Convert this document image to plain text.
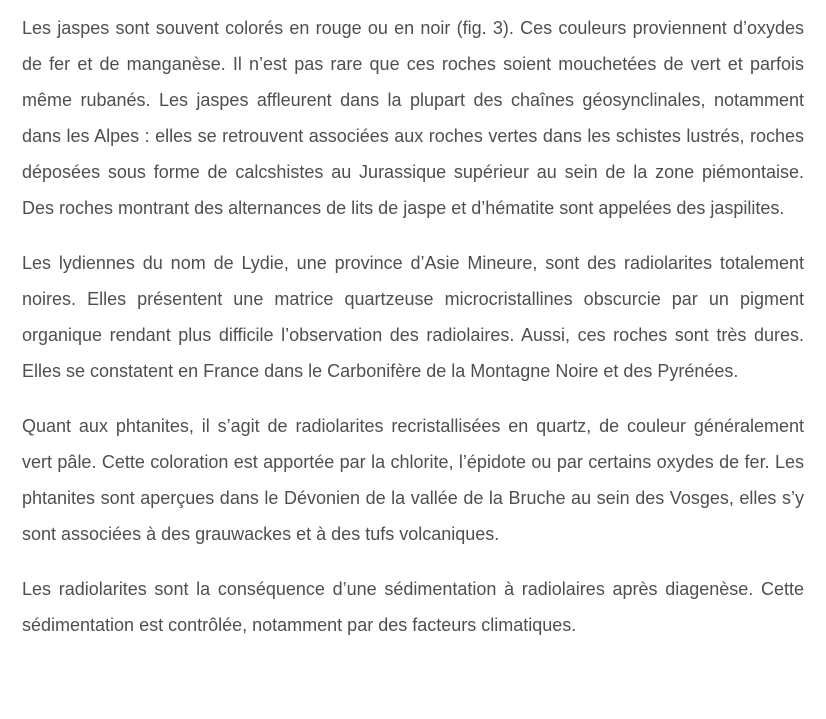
Les jaspes sont souvent colorés en rouge ou en noir (fig. 3). Ces couleurs proviennent d’oxydes de fer et de manganèse. Il n’est pas rare que ces roches soient mouchetées de vert et parfois même rubanés. Les jaspes affleurent dans la plupart des chaînes géosynclinales, notamment dans les Alpes : elles se retrouvent associées aux roches vertes dans les schistes lustrés, roches déposées sous forme de calcshistes au Jurassique supérieur au sein de la zone piémontaise. Des roches montrant des alternances de lits de jaspe et d’hématite sont appelées des jaspilites.

Les lydiennes du nom de Lydie, une province d’Asie Mineure, sont des radiolarites totalement noires. Elles présentent une matrice quartzeuse microcristallines obscurcie par un pigment organique rendant plus difficile l’observation des radiolaires. Aussi, ces roches sont très dures. Elles se constatent en France dans le Carbonifère de la Montagne Noire et des Pyrénées.

Quant aux phtanites, il s’agit de radiolarites recristallisées en quartz, de couleur généralement vert pâle. Cette coloration est apportée par la chlorite, l’épidote ou par certains oxydes de fer. Les phtanites sont aperçues dans le Dévonien de la vallée de la Bruche au sein des Vosges, elles s’y sont associées à des grauwackes et à des tufs volcaniques.

Les radiolarites sont la conséquence d’une sédimentation à radiolaires après diagenèse. Cette sédimentation est contrôlée, notamment par des facteurs climatiques.
